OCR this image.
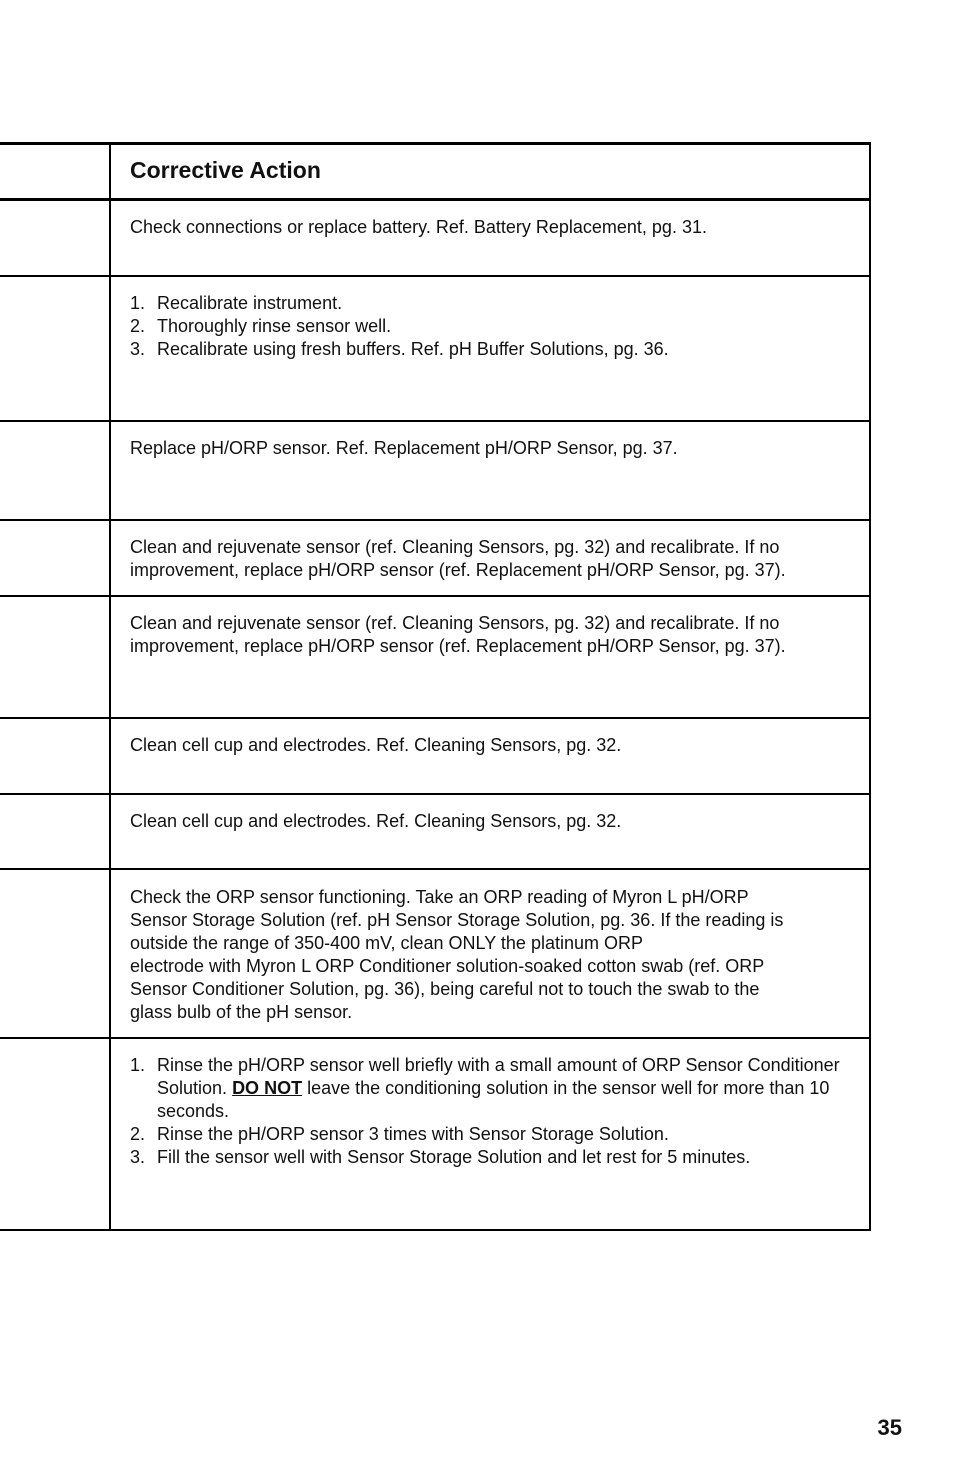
Corrective Action

Check connections or replace battery. Ref. Battery Replacement, pg. 31.

1. Recalibrate instrument.
2. Thoroughly rinse sensor well.
3. Recalibrate using fresh buffers. Ref. pH Buffer Solutions, pg. 36.

Replace pH/ORP sensor. Ref. Replacement pH/ORP Sensor, pg. 37.

Clean and rejuvenate sensor (ref. Cleaning Sensors, pg. 32) and recalibrate. If no improvement, replace pH/ORP sensor (ref. Replacement pH/ORP Sensor, pg. 37).

Clean and rejuvenate sensor (ref. Cleaning Sensors, pg. 32) and recalibrate. If no improvement, replace pH/ORP sensor (ref. Replacement pH/ORP Sensor, pg. 37).

Clean cell cup and electrodes. Ref. Cleaning Sensors, pg. 32.

Clean cell cup and electrodes. Ref. Cleaning Sensors, pg. 32.

Check the ORP sensor functioning. Take an ORP reading of Myron L pH/ORP

Sensor Storage Solution (ref. pH Sensor Storage Solution, pg. 36. If the reading is

outside the range of 350-400 mV, clean ONLY the platinum ORP

electrode with Myron L ORP Conditioner solution-soaked cotton swab (ref. ORP

Sensor Conditioner Solution, pg. 36), being careful not to touch the swab to the

glass bulb of the pH sensor.

1. Rinse the pH/ORP sensor well briefly with a small amount of ORP Sensor Conditioner Solution. DO NOT leave the conditioning solution in the sensor well for more than 10 seconds.
2. Rinse the pH/ORP sensor 3 times with Sensor Storage Solution.
3. Fill the sensor well with Sensor Storage Solution and let rest for 5 minutes.
35
